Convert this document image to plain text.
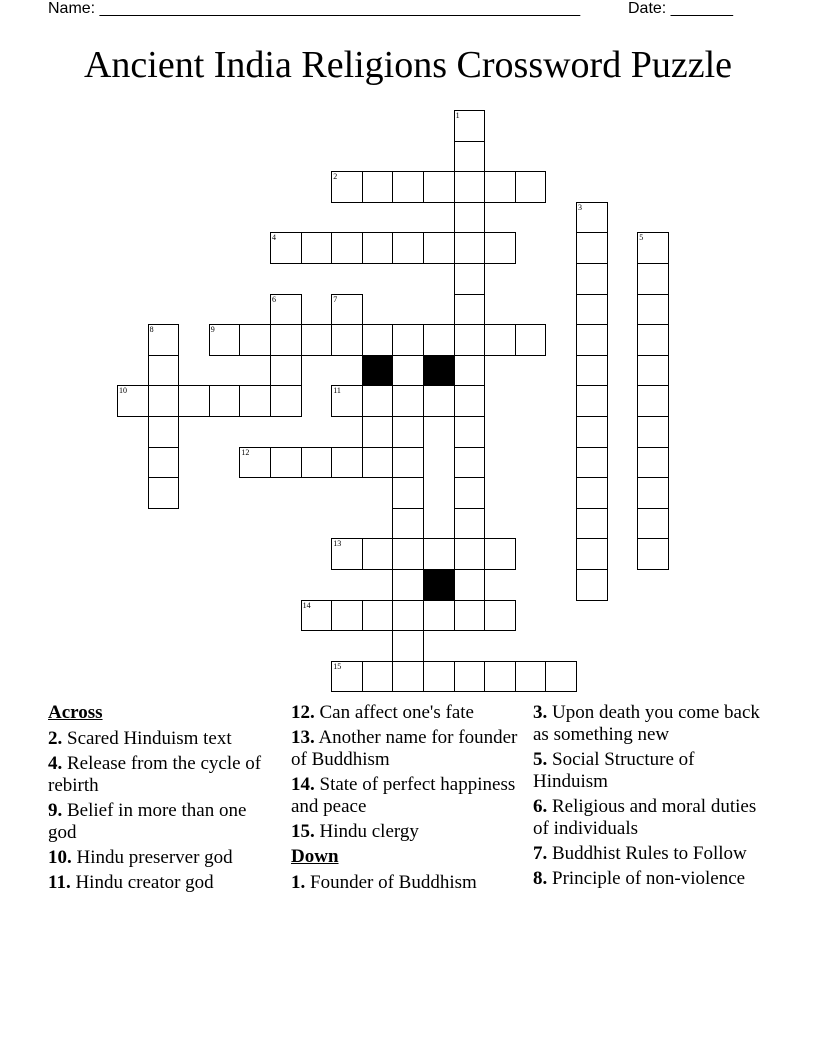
Name: ______________________________________________________	Date: _______
Ancient India Religions Crossword Puzzle
1
2
3
4	5
6	7
8	9
10	11
12
13
14
15
Across
2. Scared Hinduism text
4. Release from the cycle of rebirth
9. Belief in more than one god
10. Hindu preserver god
11. Hindu creator god
12. Can affect one's fate
13. Another name for founder of Buddhism
14. State of perfect happiness and peace
15. Hindu clergy
Down
1. Founder of Buddhism
3. Upon death you come back as something new
5. Social Structure of Hinduism
6. Religious and moral duties of individuals
7. Buddhist Rules to Follow
8. Principle of non-violence
